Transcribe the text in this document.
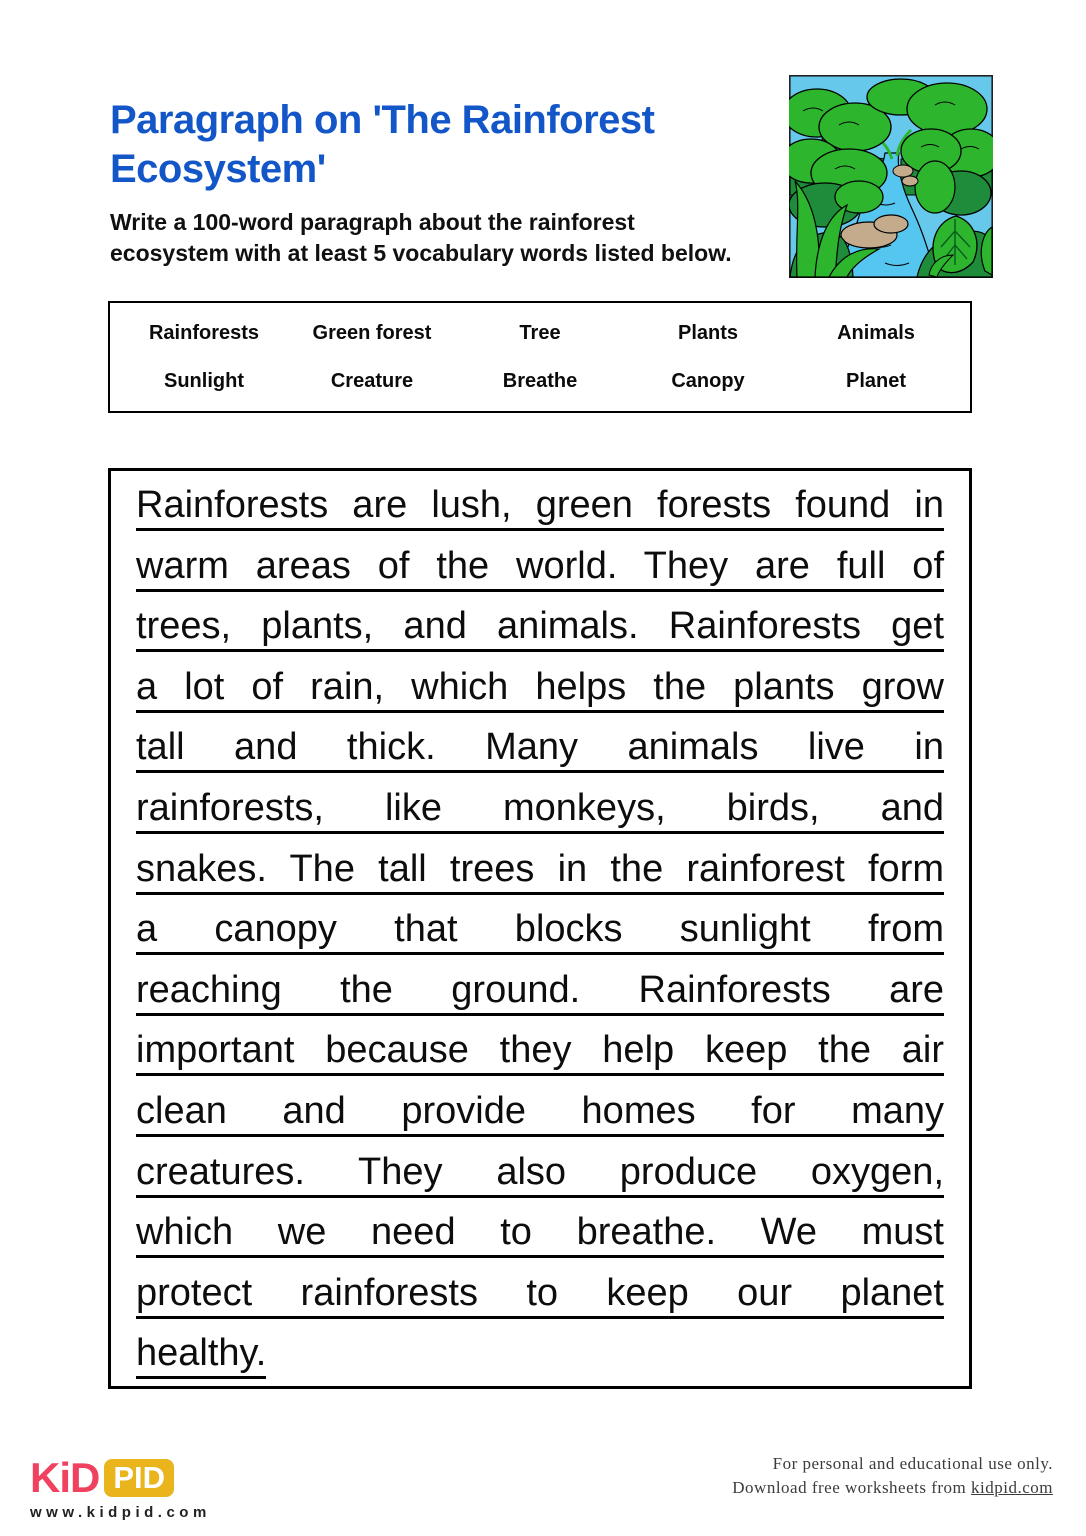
Paragraph on 'The Rainforest
Ecosystem'
Write a 100-word paragraph about the rainforest
ecosystem with at least 5 vocabulary words listed below.
Rainforests	Green forest	Tree	Plants	Animals
Sunlight	Creature	Breathe	Canopy	Planet
Rainforests are lush, green forests found in
warm areas of the world. They are full of
trees, plants, and animals. Rainforests get
a lot of rain, which helps the plants grow
tall and thick. Many animals live in
rainforests, like monkeys, birds, and
snakes. The tall trees in the rainforest form
a canopy that blocks sunlight from
reaching the ground. Rainforests are
important because they help keep the air
clean and provide homes for many
creatures. They also produce oxygen,
which we need to breathe. We must
protect rainforests to keep our planet
healthy.
KiD PID
www.kidpid.com
For personal and educational use only.
Download free worksheets from kidpid.com
